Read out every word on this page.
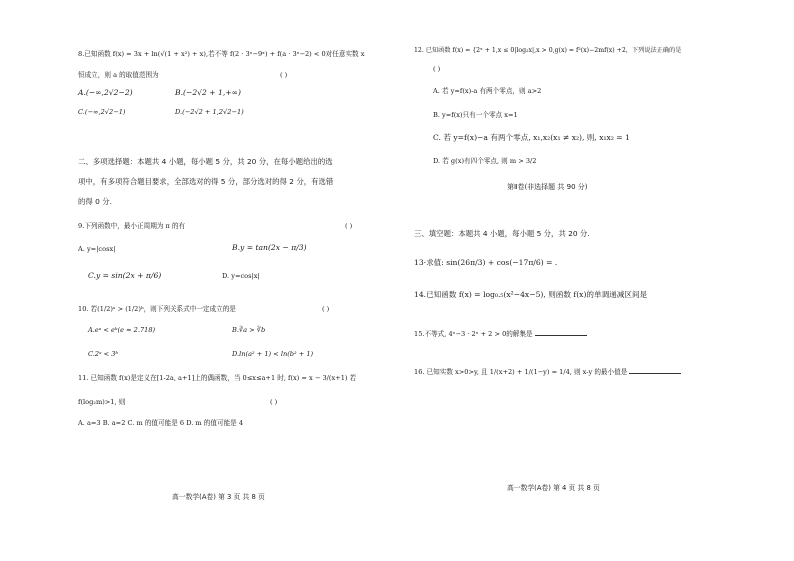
8.已知函数 f(x) = 3x + ln(√(1 + x²) + x),若不等 f(2 · 3ˣ−9ˣ) + f(a · 3ˣ−2) < 0对任意实数 x
恒成立，则 a 的取值范围为	( )
A.(−∞,2√2−2)	B.(−2√2 + 1,+∞)
C.(−∞,2√2−1)	D.(−2√2 + 1,2√2−1)
二、多项选择题：本题共 4 小题，每小题 5 分，共 20 分，在每小题给出的选
项中，有多项符合题目要求，全部选对的得 5 分，部分选对的得 2 分，有选错
的得 0 分.
9.下列函数中，最小正周期为 π 的有	( )
A. y=|cosx|	B.y = tan(2x − π/3)
C.y = sin(2x + π/6)	D. y=cos|x|
10. 若(1/2)ᵃ > (1/2)ᵇ，则下列关系式中一定成立的是	( )
A.eᵃ < eᵇ(e ≈ 2.718)	B.∛a > ∛b
C.2ᵃ < 3ᵇ	D.ln(a² + 1) < ln(b² + 1)
11. 已知函数 f(x)是定义在[1-2a, a+1]上的偶函数，当 0≤x≤a+1 时, f(x) = x − 3/(x+1) 若
f(log₂m)>1, 则	( )
A. a=3 B. a=2 C. m 的值可能是 6 D. m 的值可能是 4
高一数学(A卷) 第 3 页 共 8 页
12. 已知函数 f(x) = {2ˣ + 1,x ≤ 0|log₂x|,x > 0,g(x) = f²(x)−2mf(x) +2，下列说法正确的是
( )
A. 若 y=f(x)-a 有两个零点，则 a>2
B. y=f(x)只有一个零点 x=1
C. 若 y=f(x)−a 有两个零点, x₁,x₂(x₁ ≠ x₂), 则, x₁x₂ = 1
D. 若 g(x)有四个零点, 则 m > 3/2
第Ⅱ卷(非选择题 共 90 分)
三、填空题：本题共 4 小题，每小题 5 分，共 20 分.
13·求值: sin(26π/3) + cos(−17π/6) = .
14.已知函数 f(x) = log₀.₅(x²−4x−5), 则函数 f(x)的单调递减区间是
15.不等式, 4ˣ−3 · 2ˣ + 2 > 0的解集是
16. 已知实数 x>0>y, 且 1/(x+2) + 1/(1−y) = 1/4, 则 x-y 的最小值是
高一数学(A卷) 第 4 页 共 8 页
